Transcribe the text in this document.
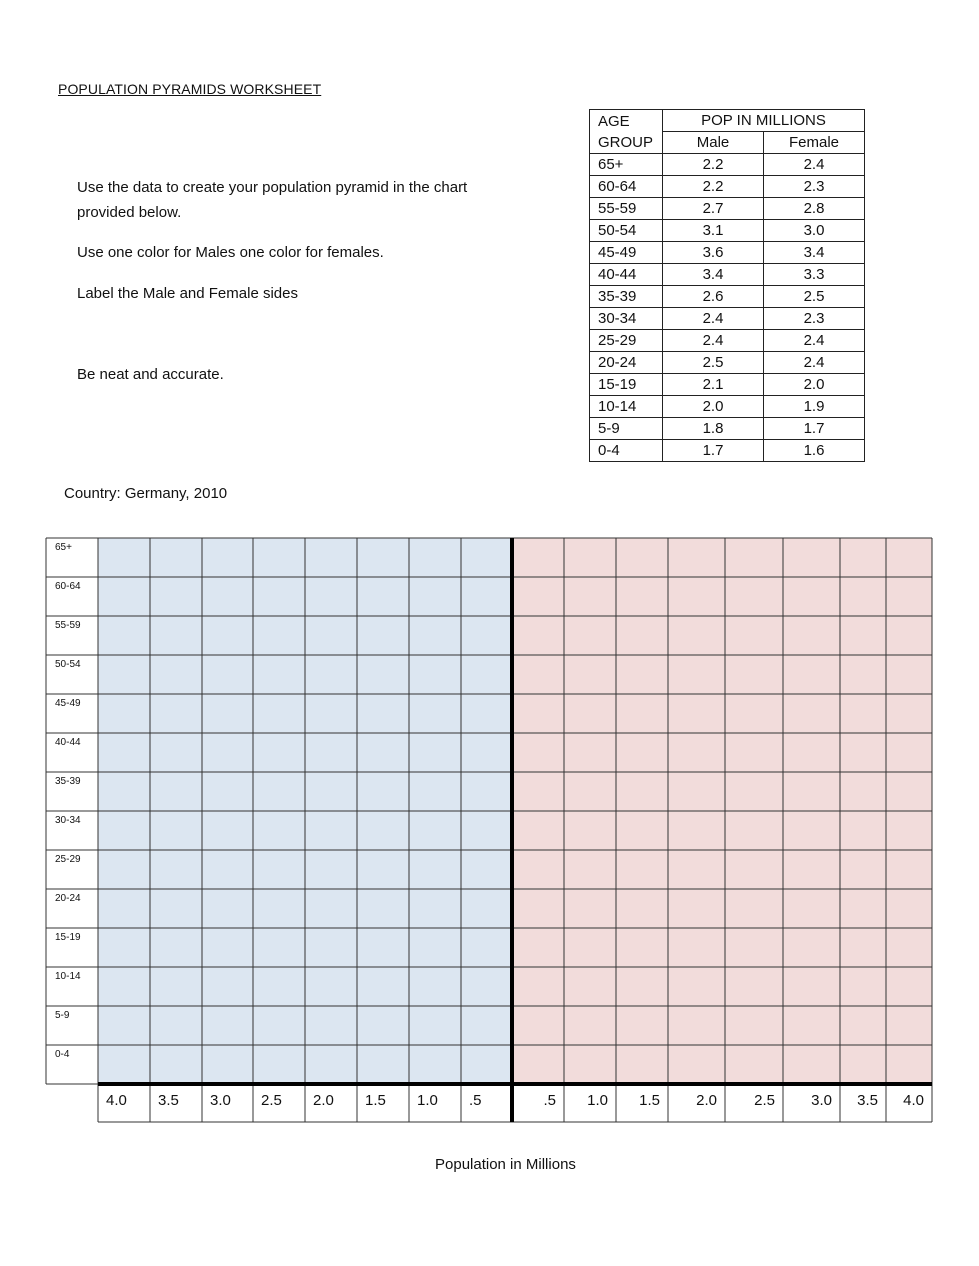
POPULATION PYRAMIDS WORKSHEET
Use the data to create your population pyramid in the chart provided below.
Use one color for Males one color for females.
Label the Male and Female sides
Be neat and accurate.
AGE
GROUP	POP IN MILLIONS	
	Male	Female
65+	2.2	2.4
60-64	2.2	2.3
55-59	2.7	2.8
50-54	3.1	3.0
45-49	3.6	3.4
40-44	3.4	3.3
35-39	2.6	2.5
30-34	2.4	2.3
25-29	2.4	2.4
20-24	2.5	2.4
15-19	2.1	2.0
10-14	2.0	1.9
5-9	1.8	1.7
0-4	1.7	1.6
Country: Germany, 2010
65+
60-64
55-59
50-54
45-49
40-44
35-39
30-34
25-29
20-24
15-19
10-14
5-9
0-4
4.0 3.5 3.0 2.5 2.0 1.5 1.0 .5	.5 1.0 1.5 2.0 2.5 3.0 3.5 4.0
Population in Millions
